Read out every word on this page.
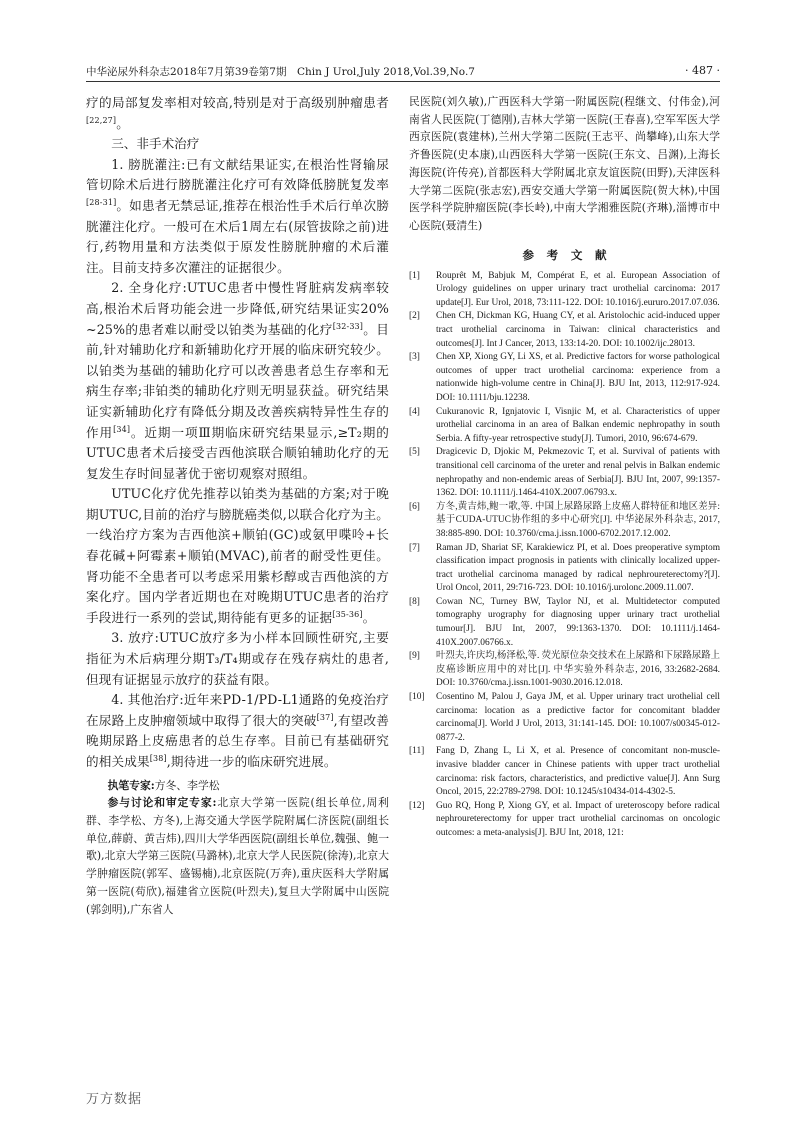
中华泌尿外科杂志2018年7月第39卷第7期　Chin J Urol,July 2018,Vol.39,No.7	· 487 ·

疗的局部复发率相对较高,特别是对于高级别肿瘤患者[22,27]。

三、非手术治疗

1. 膀胱灌注:已有文献结果证实,在根治性肾输尿管切除术后进行膀胱灌注化疗可有效降低膀胱复发率[28-31]。如患者无禁忌证,推荐在根治性手术后行单次膀胱灌注化疗。一般可在术后1周左右(尿管拔除之前)进行,药物用量和方法类似于原发性膀胱肿瘤的术后灌注。目前支持多次灌注的证据很少。

2. 全身化疗:UTUC患者中慢性肾脏病发病率较高,根治术后肾功能会进一步降低,研究结果证实20% ~25%的患者难以耐受以铂类为基础的化疗[32-33]。目前,针对辅助化疗和新辅助化疗开展的临床研究较少。以铂类为基础的辅助化疗可以改善患者总生存率和无病生存率;非铂类的辅助化疗则无明显获益。研究结果证实新辅助化疗有降低分期及改善疾病特异性生存的作用[34]。近期一项Ⅲ期临床研究结果显示,≥T₂期的UTUC患者术后接受吉西他滨联合顺铂辅助化疗的无复发生存时间显著优于密切观察对照组。

UTUC化疗优先推荐以铂类为基础的方案;对于晚期UTUC,目前的治疗与膀胱癌类似,以联合化疗为主。一线治疗方案为吉西他滨+顺铂(GC)或氨甲喋呤+长春花碱+阿霉素+顺铂(MVAC),前者的耐受性更佳。肾功能不全患者可以考虑采用紫杉醇或吉西他滨的方案化疗。国内学者近期也在对晚期UTUC患者的治疗手段进行一系列的尝试,期待能有更多的证据[35-36]。

3. 放疗:UTUC放疗多为小样本回顾性研究,主要指征为术后病理分期T₃/T₄期或存在残存病灶的患者,但现有证据显示放疗的获益有限。

4. 其他治疗:近年来PD-1/PD-L1通路的免疫治疗在尿路上皮肿瘤领域中取得了很大的突破[37],有望改善晚期尿路上皮癌患者的总生存率。目前已有基础研究的相关成果[38],期待进一步的临床研究进展。

执笔专家:方冬、李学松

参与讨论和审定专家:北京大学第一医院(组长单位,周利群、李学松、方冬),上海交通大学医学院附属仁济医院(副组长单位,薛蔚、黄吉炜),四川大学华西医院(副组长单位,魏强、鲍一歌),北京大学第三医院(马潞林),北京大学人民医院(徐涛),北京大学肿瘤医院(郭军、盛锡楠),北京医院(万奔),重庆医科大学附属第一医院(苟欣),福建省立医院(叶烈夫),复旦大学附属中山医院(郭剑明),广东省人

民医院(刘久敏),广西医科大学第一附属医院(程继文、付伟金),河南省人民医院(丁德刚),吉林大学第一医院(王春喜),空军军医大学西京医院(袁建林),兰州大学第二医院(王志平、尚攀峰),山东大学齐鲁医院(史本康),山西医科大学第一医院(王东文、吕渊),上海长海医院(许传亮),首都医科大学附属北京友谊医院(田野),天津医科大学第二医院(张志宏),西安交通大学第一附属医院(贺大林),中国医学科学院肿瘤医院(李长岭),中南大学湘雅医院(齐琳),淄博市中心医院(聂清生)

参考文献
[1]	Rouprêt M, Babjuk M, Compérat E, et al. European Association of Urology guidelines on upper urinary tract urothelial carcinoma: 2017 update[J]. Eur Urol, 2018, 73:111-122. DOI: 10.1016/j.eururo.2017.07.036.
[2]	Chen CH, Dickman KG, Huang CY, et al. Aristolochic acid-induced upper tract urothelial carcinoma in Taiwan: clinical characteristics and outcomes[J]. Int J Cancer, 2013, 133:14-20. DOI: 10.1002/ijc.28013.
[3]	Chen XP, Xiong GY, Li XS, et al. Predictive factors for worse pathological outcomes of upper tract urothelial carcinoma: experience from a nationwide high-volume centre in China[J]. BJU Int, 2013, 112:917-924. DOI: 10.1111/bju.12238.
[4]	Cukuranovic R, Ignjatovic I, Visnjic M, et al. Characteristics of upper urothelial carcinoma in an area of Balkan endemic nephropathy in south Serbia. A fifty-year retrospective study[J]. Tumori, 2010, 96:674-679.
[5]	Dragicevic D, Djokic M, Pekmezovic T, et al. Survival of patients with transitional cell carcinoma of the ureter and renal pelvis in Balkan endemic nephropathy and non-endemic areas of Serbia[J]. BJU Int, 2007, 99:1357-1362. DOI: 10.1111/j.1464-410X.2007.06793.x.
[6]	方冬,黄吉炜,鲍一歌,等. 中国上尿路尿路上皮癌人群特征和地区差异:基于CUDA-UTUC协作组的多中心研究[J]. 中华泌尿外科杂志, 2017, 38:885-890. DOI: 10.3760/cma.j.issn.1000-6702.2017.12.002.
[7]	Raman JD, Shariat SF, Karakiewicz PI, et al. Does preoperative symptom classification impact prognosis in patients with clinically localized upper-tract urothelial carcinoma managed by radical nephroureterectomy?[J]. Urol Oncol, 2011, 29:716-723. DOI: 10.1016/j.urolonc.2009.11.007.
[8]	Cowan NC, Turney BW, Taylor NJ, et al. Multidetector computed tomography urography for diagnosing upper urinary tract urothelial tumour[J]. BJU Int, 2007, 99:1363-1370. DOI: 10.1111/j.1464-410X.2007.06766.x.
[9]	叶烈夫,许庆均,杨泽松,等. 荧光原位杂交技术在上尿路和下尿路尿路上皮癌诊断应用中的对比[J]. 中华实验外科杂志, 2016, 33:2682-2684. DOI: 10.3760/cma.j.issn.1001-9030.2016.12.018.
[10]	Cosentino M, Palou J, Gaya JM, et al. Upper urinary tract urothelial cell carcinoma: location as a predictive factor for concomitant bladder carcinoma[J]. World J Urol, 2013, 31:141-145. DOI: 10.1007/s00345-012-0877-2.
[11]	Fang D, Zhang L, Li X, et al. Presence of concomitant non-muscle-invasive bladder cancer in Chinese patients with upper tract urothelial carcinoma: risk factors, characteristics, and predictive value[J]. Ann Surg Oncol, 2015, 22:2789-2798. DOI: 10.1245/s10434-014-4302-5.
[12]	Guo RQ, Hong P, Xiong GY, et al. Impact of ureteroscopy before radical nephroureterectomy for upper tract urothelial carcinomas on oncologic outcomes: a meta-analysis[J]. BJU Int, 2018, 121:
万方数据
